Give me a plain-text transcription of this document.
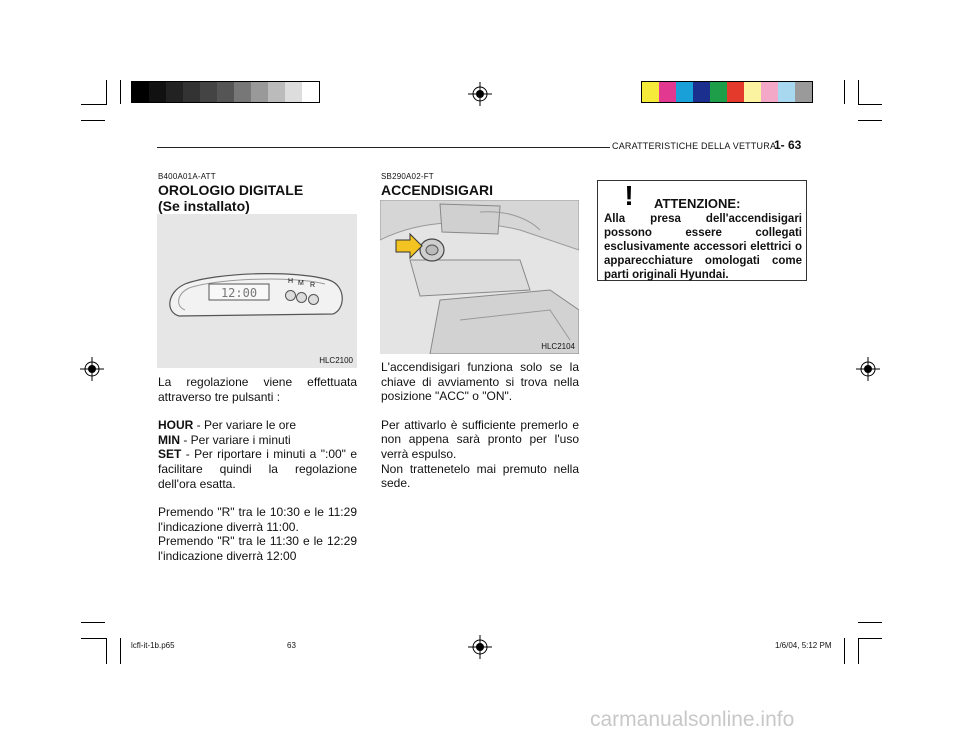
CARATTERISTICHE DELLA VETTURA
1- 63
B400A01A-ATT
OROLOGIO DIGITALE
(Se installato)
12:00
H M R
HLC2100

La regolazione viene effettuata attraverso tre pulsanti :

HOUR - Per variare le ore

MIN - Per variare i minuti

SET - Per riportare i minuti a ":00" e facilitare quindi la regolazione dell'ora esatta.

Premendo "R" tra le 10:30 e le 11:29 l'indicazione diverrà 11:00.

Premendo "R" tra le 11:30 e le 12:29 l'indicazione diverrà 12:00

SB290A02-FT
ACCENDISIGARI
HLC2104

L'accendisigari funziona solo se la chiave di avviamento si trova nella posizione "ACC" o "ON".

Per attivarlo è sufficiente premerlo e non appena sarà pronto per l'uso verrà espulso.

Non trattenetelo mai premuto nella sede.

! ATTENZIONE:
Alla presa dell'accendisigari possono essere collegati esclusivamente accessori elettrici o apparecchiature omologati come parti originali Hyundai.
lcfl-it-1b.p65	63	1/6/04, 5:12 PM
carmanualsonline.info
